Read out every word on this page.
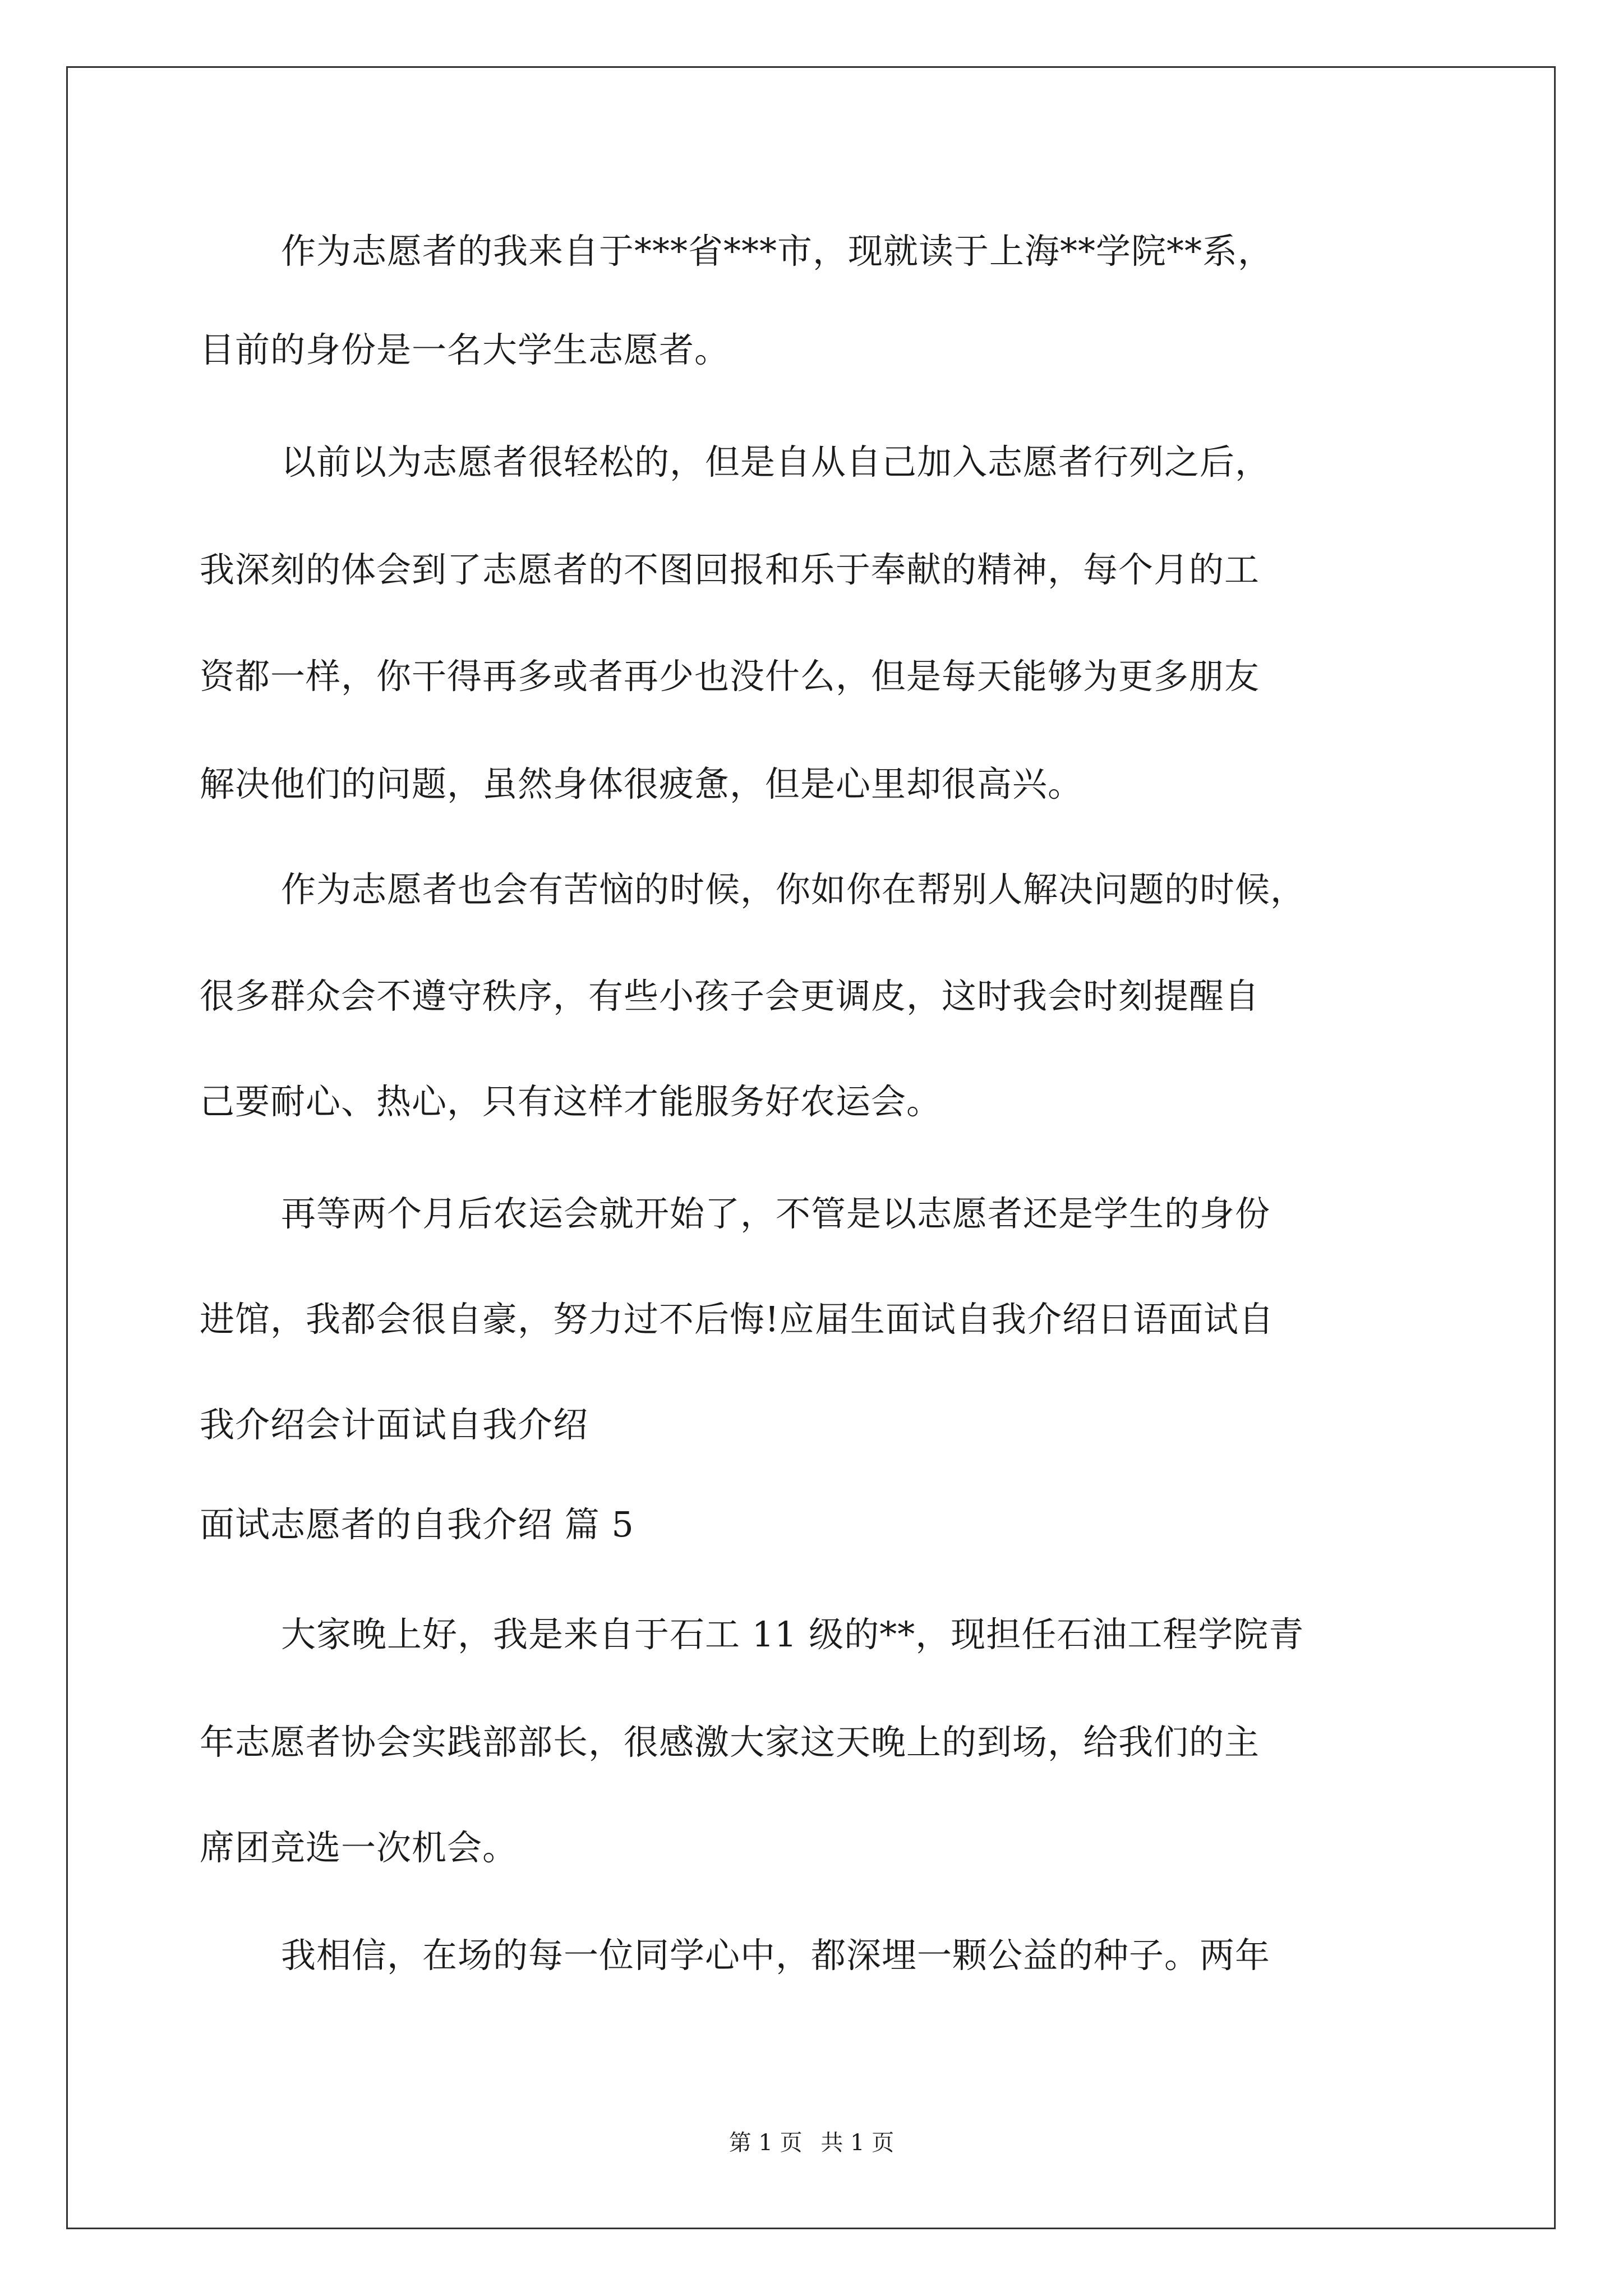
作为志愿者的我来自于***省***市，现就读于上海**学院**系，
目前的身份是一名大学生志愿者。
以前以为志愿者很轻松的，但是自从自己加入志愿者行列之后，
我深刻的体会到了志愿者的不图回报和乐于奉献的精神，每个月的工
资都一样，你干得再多或者再少也没什么，但是每天能够为更多朋友
解决他们的问题，虽然身体很疲惫，但是心里却很高兴。
作为志愿者也会有苦恼的时候，你如你在帮别人解决问题的时候，
很多群众会不遵守秩序，有些小孩子会更调皮，这时我会时刻提醒自
己要耐心、热心，只有这样才能服务好农运会。
再等两个月后农运会就开始了，不管是以志愿者还是学生的身份
进馆，我都会很自豪，努力过不后悔!应届生面试自我介绍日语面试自
我介绍会计面试自我介绍
面试志愿者的自我介绍 篇 5
大家晚上好，我是来自于石工 11 级的**，现担任石油工程学院青
年志愿者协会实践部部长，很感激大家这天晚上的到场，给我们的主
席团竞选一次机会。
我相信，在场的每一位同学心中，都深埋一颗公益的种子。两年
第 1 页 共 1 页
